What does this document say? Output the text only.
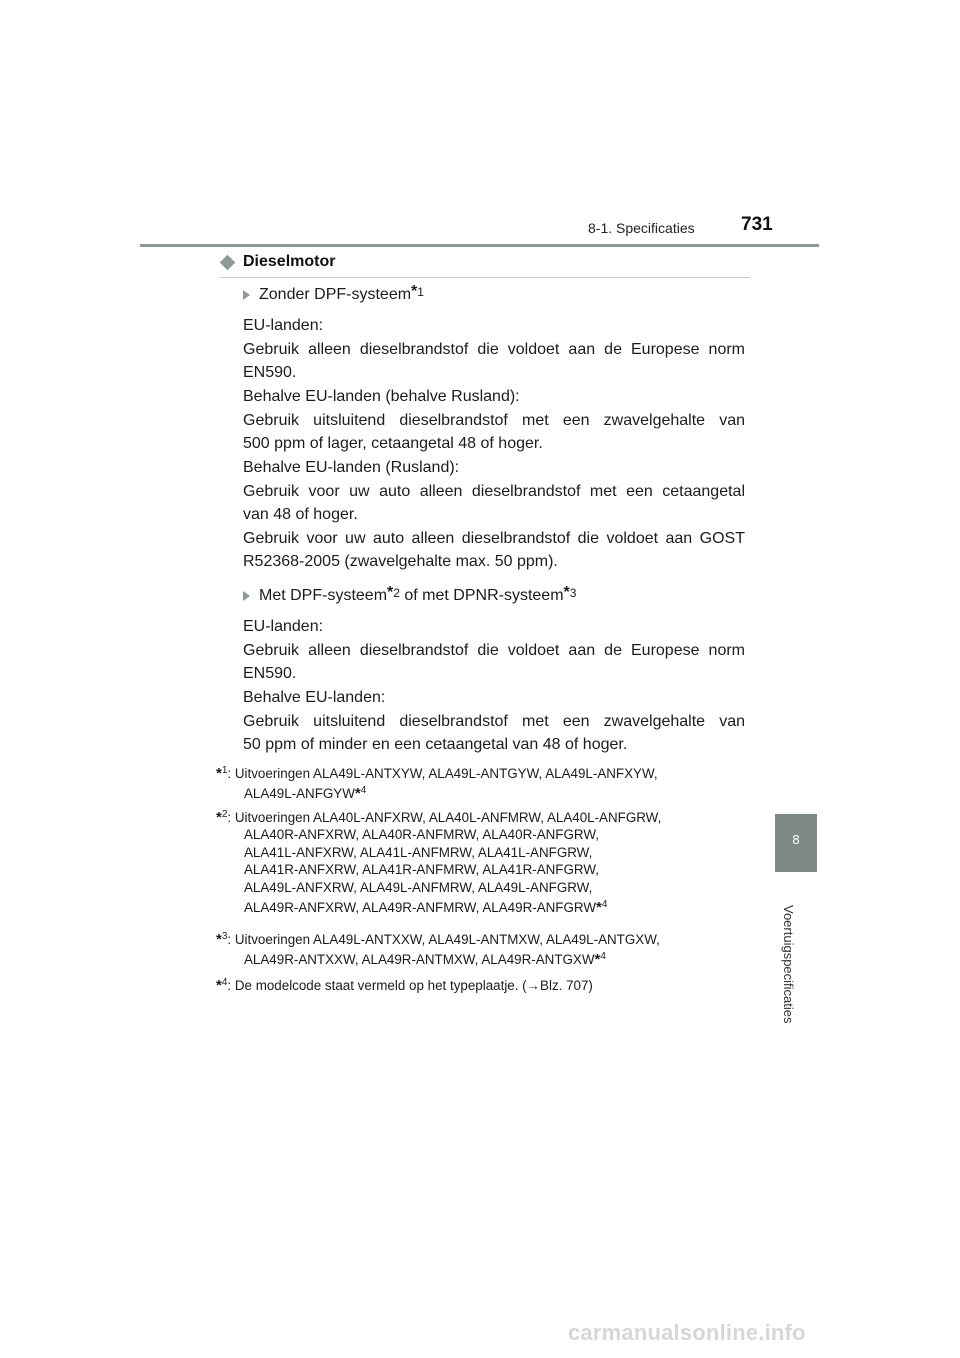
8-1. Specificaties 731
8
Voertuigspecificaties
Dieselmotor
Zonder DPF-systeem $^{*1}$
EU-landen:
Gebruik alleen dieselbrandstof die voldoet aan de Europese norm
EN590.
Behalve EU-landen (behalve Rusland):
Gebruik uitsluitend dieselbrandstof met een zwavelgehalte van
500 ppm of lager, cetaangetal 48 of hoger.
Behalve EU-landen (Rusland):
Gebruik voor uw auto alleen dieselbrandstof met een cetaangetal
van 48 of hoger.
Gebruik voor uw auto alleen dieselbrandstof die voldoet aan GOST
R52368-2005 (zwavelgehalte max. 50 ppm).
Met DPF-systeem $^{*2}$ of met DPNR-systeem $^{*3}$
EU-landen:
Gebruik alleen dieselbrandstof die voldoet aan de Europese norm
EN590.
Behalve EU-landen:
Gebruik uitsluitend dieselbrandstof met een zwavelgehalte van
50 ppm of minder en een cetaangetal van 48 of hoger.
*$^1$: Uitvoeringen ALA49L-ANTXYW, ALA49L-ANTGYW, ALA49L-ANFXYW,
ALA49L-ANFGYW*$^4$
*$^2$: Uitvoeringen ALA40L-ANFXRW, ALA40L-ANFMRW, ALA40L-ANFGRW,
ALA40R-ANFXRW, ALA40R-ANFMRW, ALA40R-ANFGRW,
ALA41L-ANFXRW, ALA41L-ANFMRW, ALA41L-ANFGRW,
ALA41R-ANFXRW, ALA41R-ANFMRW, ALA41R-ANFGRW,
ALA49L-ANFXRW, ALA49L-ANFMRW, ALA49L-ANFGRW,
ALA49R-ANFXRW, ALA49R-ANFMRW, ALA49R-ANFGRW*$^4$
*$^3$: Uitvoeringen ALA49L-ANTXXW, ALA49L-ANTMXW, ALA49L-ANTGXW,
ALA49R-ANTXXW, ALA49R-ANTMXW, ALA49R-ANTGXW*$^4$
*$^4$: De modelcode staat vermeld op het typeplaatje. (→Blz. 707)
carmanualsonline.info
